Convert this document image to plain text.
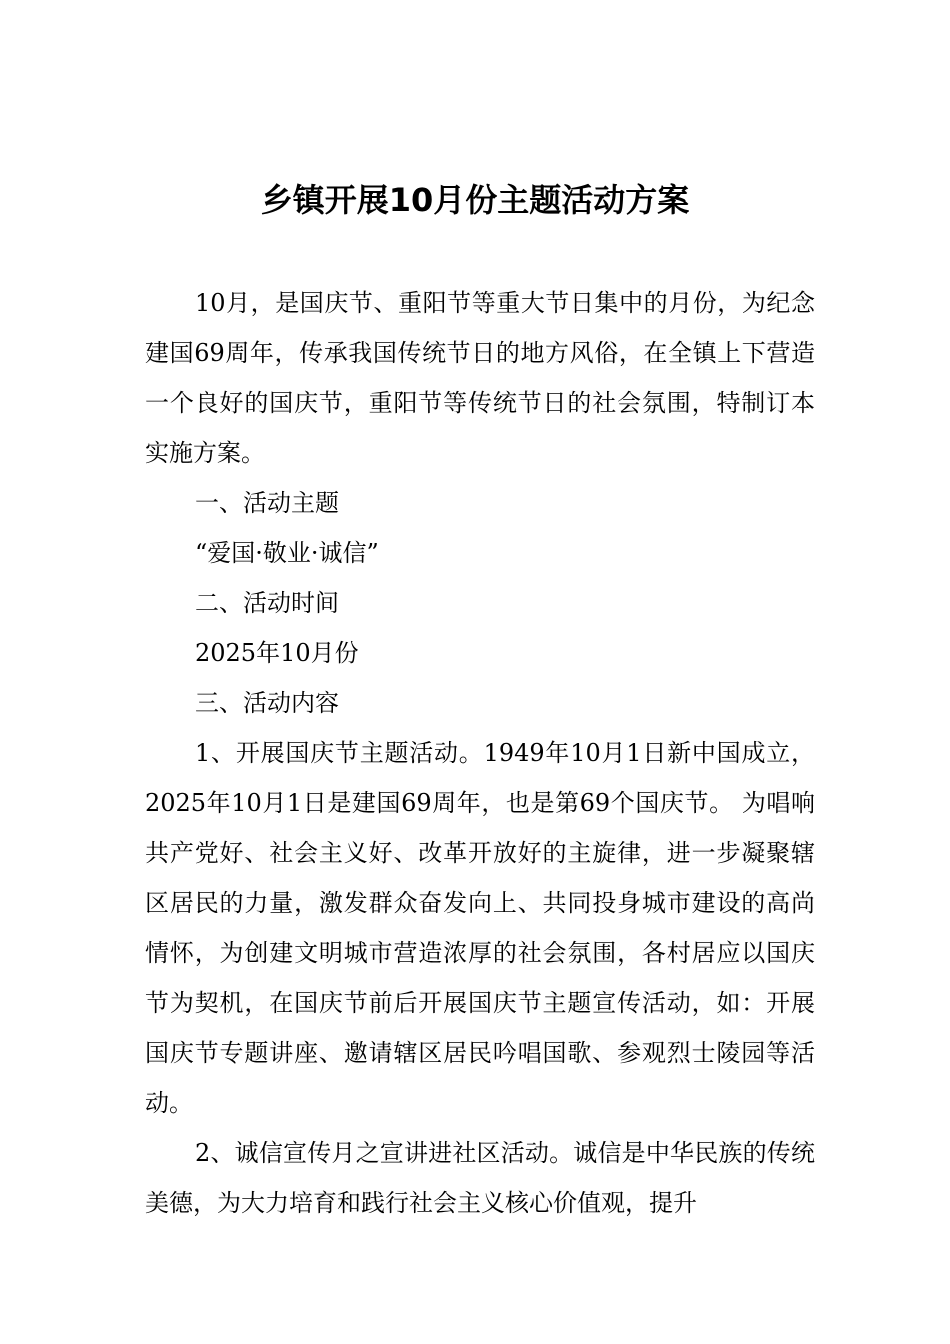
乡镇开展10月份主题活动方案

10月，是国庆节、重阳节等重大节日集中的月份，为纪念建国69周年，传承我国传统节日的地方风俗，在全镇上下营造一个良好的国庆节，重阳节等传统节日的社会氛围，特制订本实施方案。

一、活动主题

“爱国·敬业·诚信”

二、活动时间

2025年10月份

三、活动内容

1、开展国庆节主题活动。1949年10月1日新中国成立，2025年10月1日是建国69周年，也是第69个国庆节。 为唱响共产党好、社会主义好、改革开放好的主旋律，进一步凝聚辖区居民的力量，激发群众奋发向上、共同投身城市建设的高尚情怀，为创建文明城市营造浓厚的社会氛围，各村居应以国庆节为契机，在国庆节前后开展国庆节主题宣传活动，如：开展国庆节专题讲座、邀请辖区居民吟唱国歌、参观烈士陵园等活动。

2、诚信宣传月之宣讲进社区活动。诚信是中华民族的传统美德，为大力培育和践行社会主义核心价值观，提升
